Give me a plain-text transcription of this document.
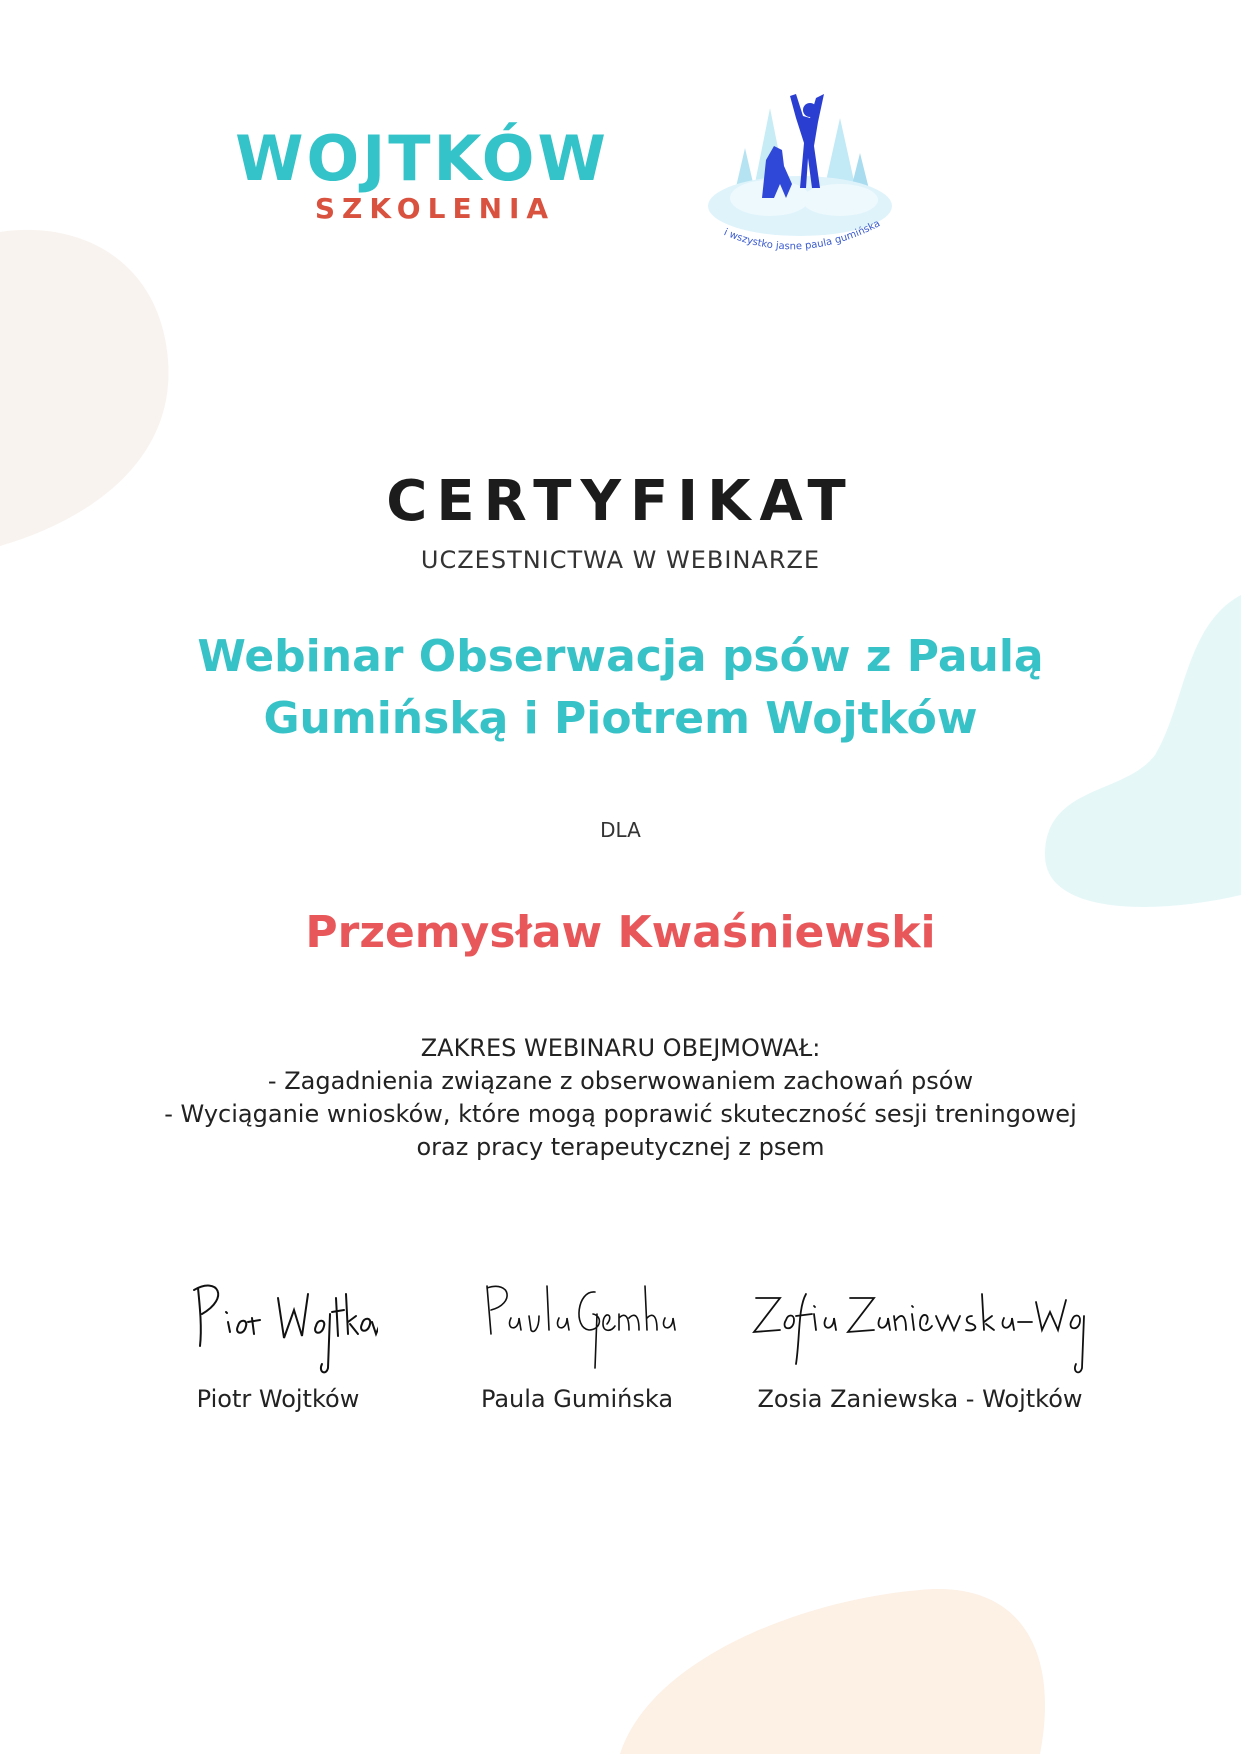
WOJTKÓW
SZKOLENIA
i wszystko jasne paula gumińska
CERTYFIKAT
UCZESTNICTWA W WEBINARZE
Webinar Obserwacja psów z Paulą Gumińską i Piotrem Wojtków
DLA
Przemysław Kwaśniewski
ZAKRES WEBINARU OBEJMOWAŁ:
- Zagadnienia związane z obserwowaniem zachowań psów
- Wyciąganie wniosków, które mogą poprawić skuteczność sesji treningowej
oraz pracy terapeutycznej z psem
Piotr Wojtków	Paula Gumińska	Zosia Zaniewska - Wojtków
